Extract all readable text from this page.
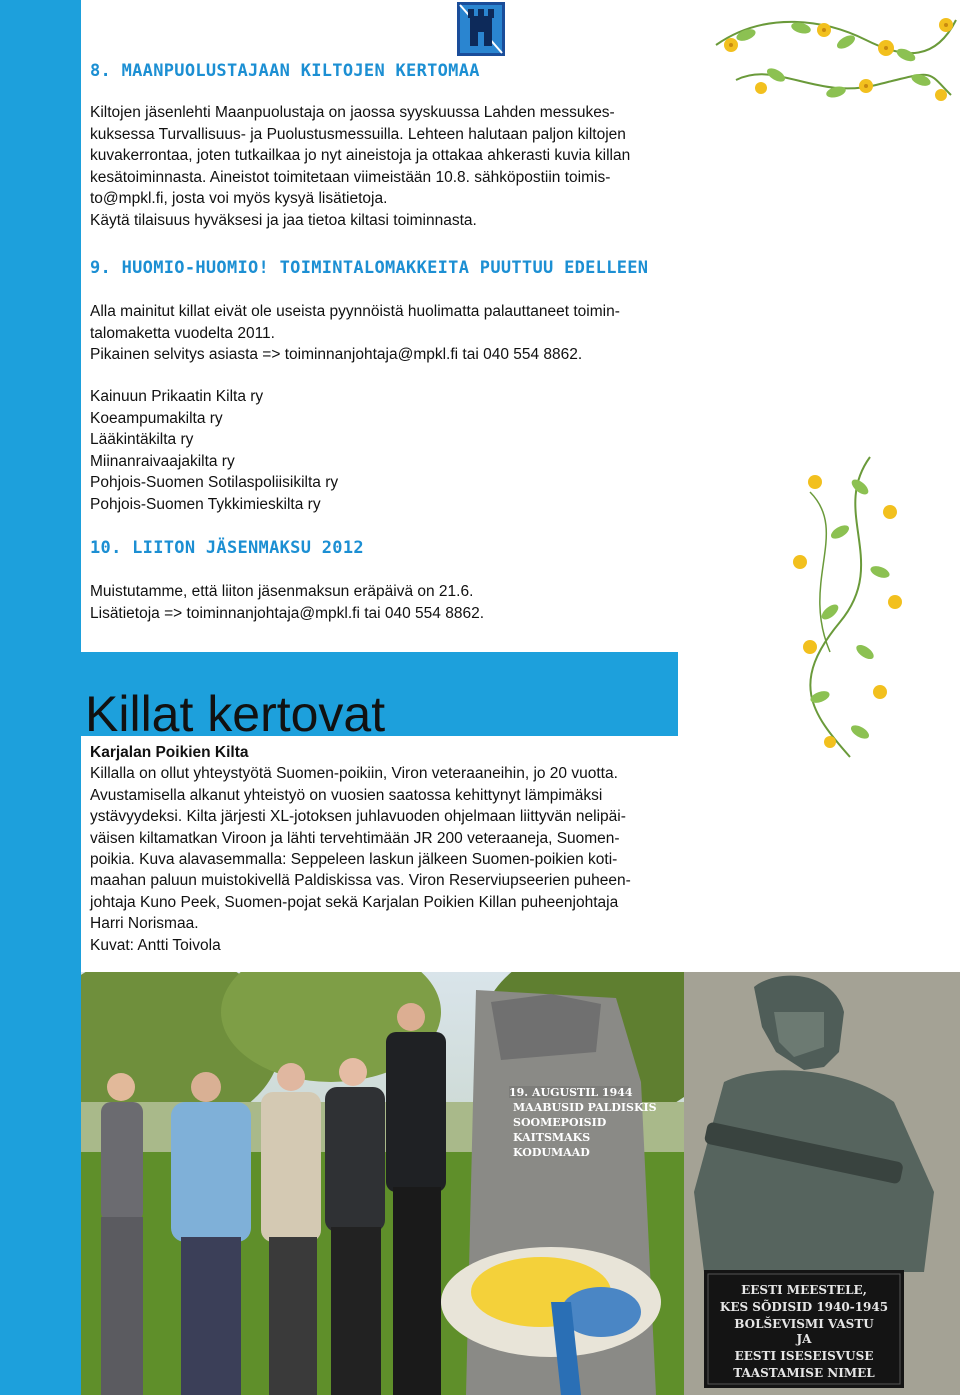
8. MAANPUOLUSTAJAAN KILTOJEN KERTOMAA

Kiltojen jäsenlehti Maanpuolustaja on jaossa syyskuussa Lahden messukes-

kuksessa Turvallisuus- ja Puolustusmessuilla. Lehteen halutaan paljon kiltojen

kuvakerrontaa, joten tutkailkaa jo nyt aineistoja ja ottakaa ahkerasti kuvia killan

kesätoiminnasta. Aineistot toimitetaan viimeistään 10.8. sähköpostiin toimis-

to@mpkl.fi, josta voi myös kysyä lisätietoja.

Käytä tilaisuus hyväksesi ja jaa tietoa kiltasi toiminnasta.

9. HUOMIO-HUOMIO! TOIMINTALOMAKKEITA PUUTTUU EDELLEEN

Alla mainitut killat eivät ole useista pyynnöistä huolimatta palauttaneet toimin-

talomaketta vuodelta 2011.

Pikainen selvitys asiasta => toiminnanjohtaja@mpkl.fi tai 040 554 8862.

Kainuun Prikaatin Kilta ry

Koeampumakilta ry

Lääkintäkilta ry

Miinanraivaajakilta ry

Pohjois-Suomen Sotilaspoliisikilta ry

Pohjois-Suomen Tykkimieskilta ry

10. LIITON JÄSENMAKSU 2012

Muistutamme, että liiton jäsenmaksun eräpäivä on 21.6.

Lisätietoja => toiminnanjohtaja@mpkl.fi tai 040 554 8862.

Killat kertovat
Karjalan Poikien Kilta

Killalla on ollut yhteystyötä Suomen-poikiin, Viron veteraaneihin, jo 20 vuotta.

Avustamisella alkanut yhteistyö on vuosien saatossa kehittynyt lämpimäksi

ystävyydeksi. Kilta järjesti XL-jotoksen juhlavuoden ohjelmaan liittyvän nelipäi-

väisen kiltamatkan Viroon ja lähti tervehtimään JR 200 veteraaneja, Suomen-

poikia. Kuva alavasemmalla: Seppeleen laskun jälkeen Suomen-poikien koti-

maahan paluun muistokivellä Paldiskissa vas. Viron Reserviupseerien puheen-

johtaja Kuno Peek, Suomen-pojat sekä Karjalan Poikien Killan puheenjohtaja

Harri Norismaa.

Kuvat: Antti Toivola

19. AUGUSTIL 1944
MAABUSID PALDISKIS
SOOMEPOISID
KAITSMAKS
KODUMAAD
EESTI MEESTELE,
KES SÕDISID 1940-1945
BOLŠEVISMI VASTU
JA
EESTI ISESEISVUSE
TAASTAMISE NIMEL
